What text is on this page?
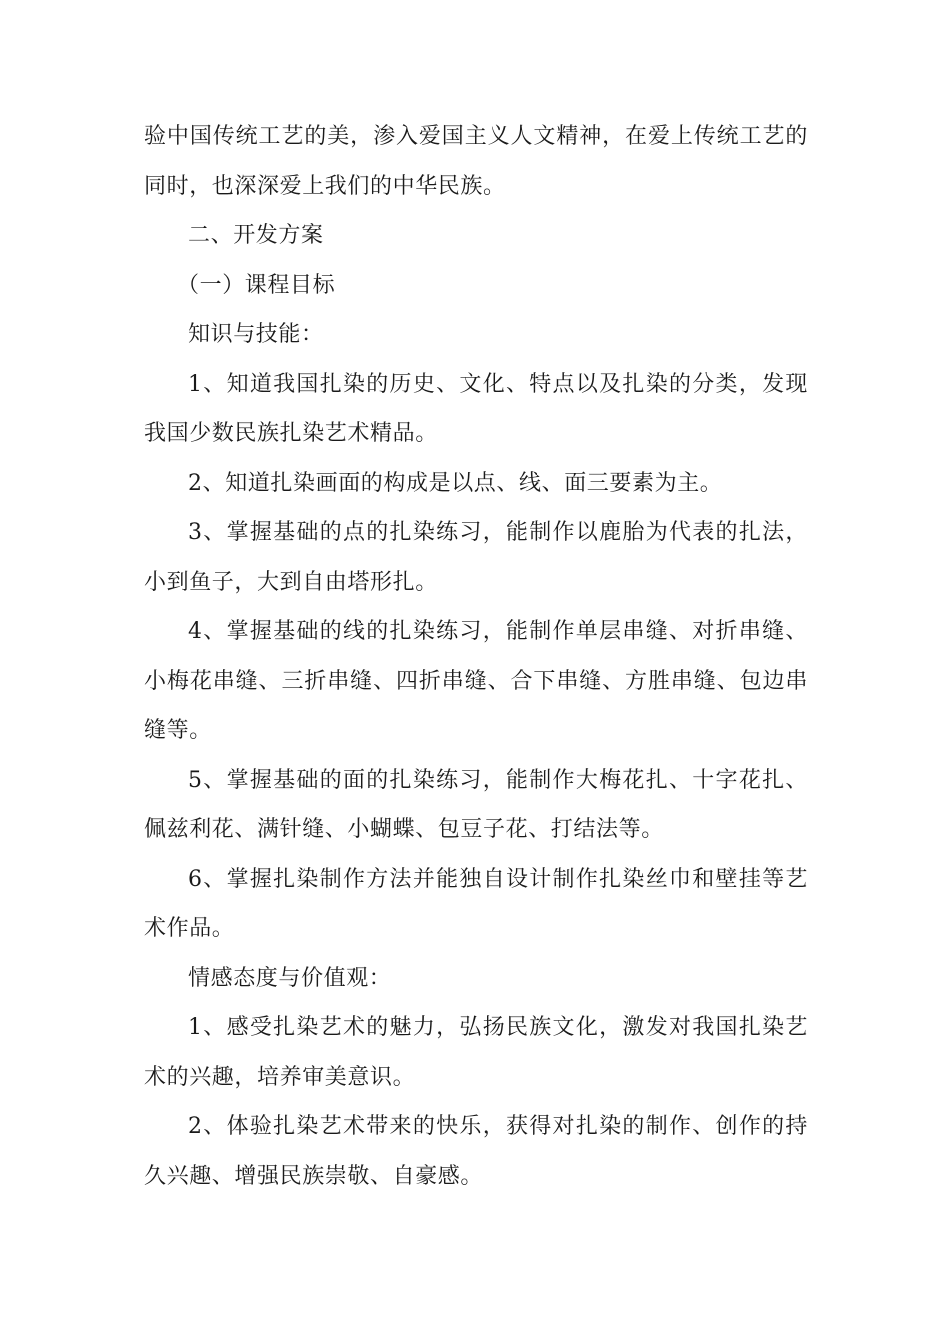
验中国传统工艺的美，渗入爱国主义人文精神，在爱上传统工艺的同时，也深深爱上我们的中华民族。

二、开发方案

（一）课程目标

知识与技能：

1、知道我国扎染的历史、文化、特点以及扎染的分类，发现我国少数民族扎染艺术精品。

2、知道扎染画面的构成是以点、线、面三要素为主。

3、掌握基础的点的扎染练习，能制作以鹿胎为代表的扎法，小到鱼子，大到自由塔形扎。

4、掌握基础的线的扎染练习，能制作单层串缝、对折串缝、小梅花串缝、三折串缝、四折串缝、合下串缝、方胜串缝、包边串缝等。

5、掌握基础的面的扎染练习，能制作大梅花扎、十字花扎、佩兹利花、满针缝、小蝴蝶、包豆子花、打结法等。

6、掌握扎染制作方法并能独自设计制作扎染丝巾和壁挂等艺术作品。

情感态度与价值观：

1、感受扎染艺术的魅力，弘扬民族文化，激发对我国扎染艺术的兴趣，培养审美意识。

2、体验扎染艺术带来的快乐，获得对扎染的制作、创作的持久兴趣、增强民族崇敬、自豪感。
